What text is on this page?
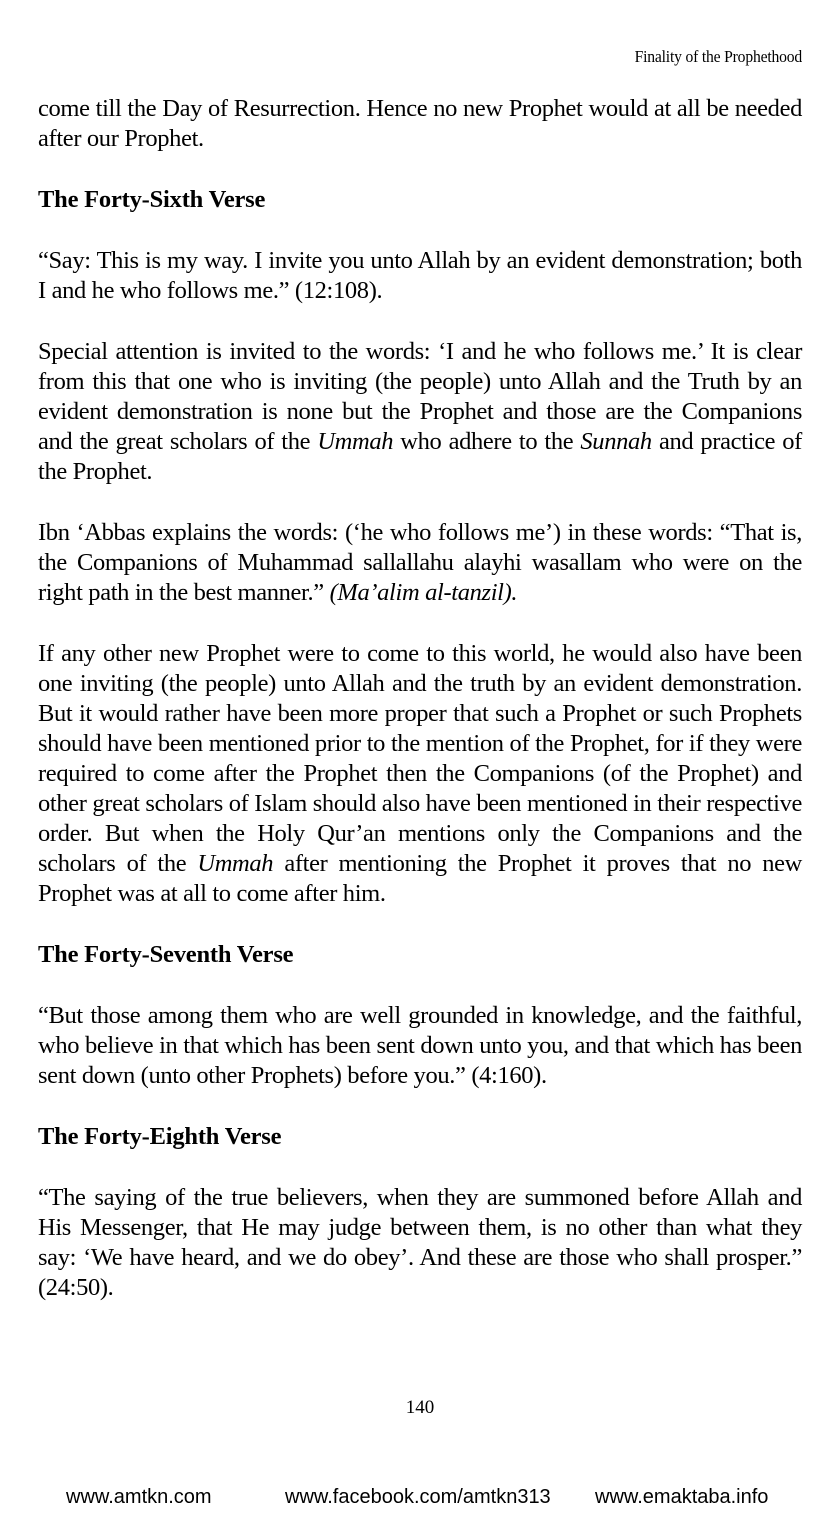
Finality of the Prophethood

come till the Day of Resurrection. Hence no new Prophet would at all be needed after our Prophet.

The Forty-Sixth Verse

“Say: This is my way. I invite you unto Allah by an evident demonstration; both I and he who follows me.” (12:108).

Special attention is invited to the words: ‘I and he who follows me.’ It is clear from this that one who is inviting (the people) unto Allah and the Truth by an evident demonstration is none but the Prophet and those are the Companions and the great scholars of the Ummah who adhere to the Sunnah and practice of the Prophet.

Ibn ‘Abbas explains the words: (‘he who follows me’) in these words: “That is, the Companions of Muhammad sallallahu alayhi wasallam who were on the right path in the best manner.” (Ma’alim al-tanzil).

If any other new Prophet were to come to this world, he would also have been one inviting (the people) unto Allah and the truth by an evident demonstration. But it would rather have been more proper that such a Prophet or such Prophets should have been mentioned prior to the mention of the Prophet, for if they were required to come after the Prophet then the Companions (of the Prophet) and other great scholars of Islam should also have been mentioned in their respective order. But when the Holy Qur’an mentions only the Companions and the scholars of the Ummah after mentioning the Prophet it proves that no new Prophet was at all to come after him.

The Forty-Seventh Verse

“But those among them who are well grounded in knowledge, and the faithful, who believe in that which has been sent down unto you, and that which has been sent down (unto other Prophets) before you.” (4:160).

The Forty-Eighth Verse

“The saying of the true believers, when they are summoned before Allah and His Messenger, that He may judge between them, is no other than what they say: ‘We have heard, and we do obey’. And these are those who shall prosper.” (24:50).

140
www.amtkn.com	www.facebook.com/amtkn313 www.emaktaba.info
